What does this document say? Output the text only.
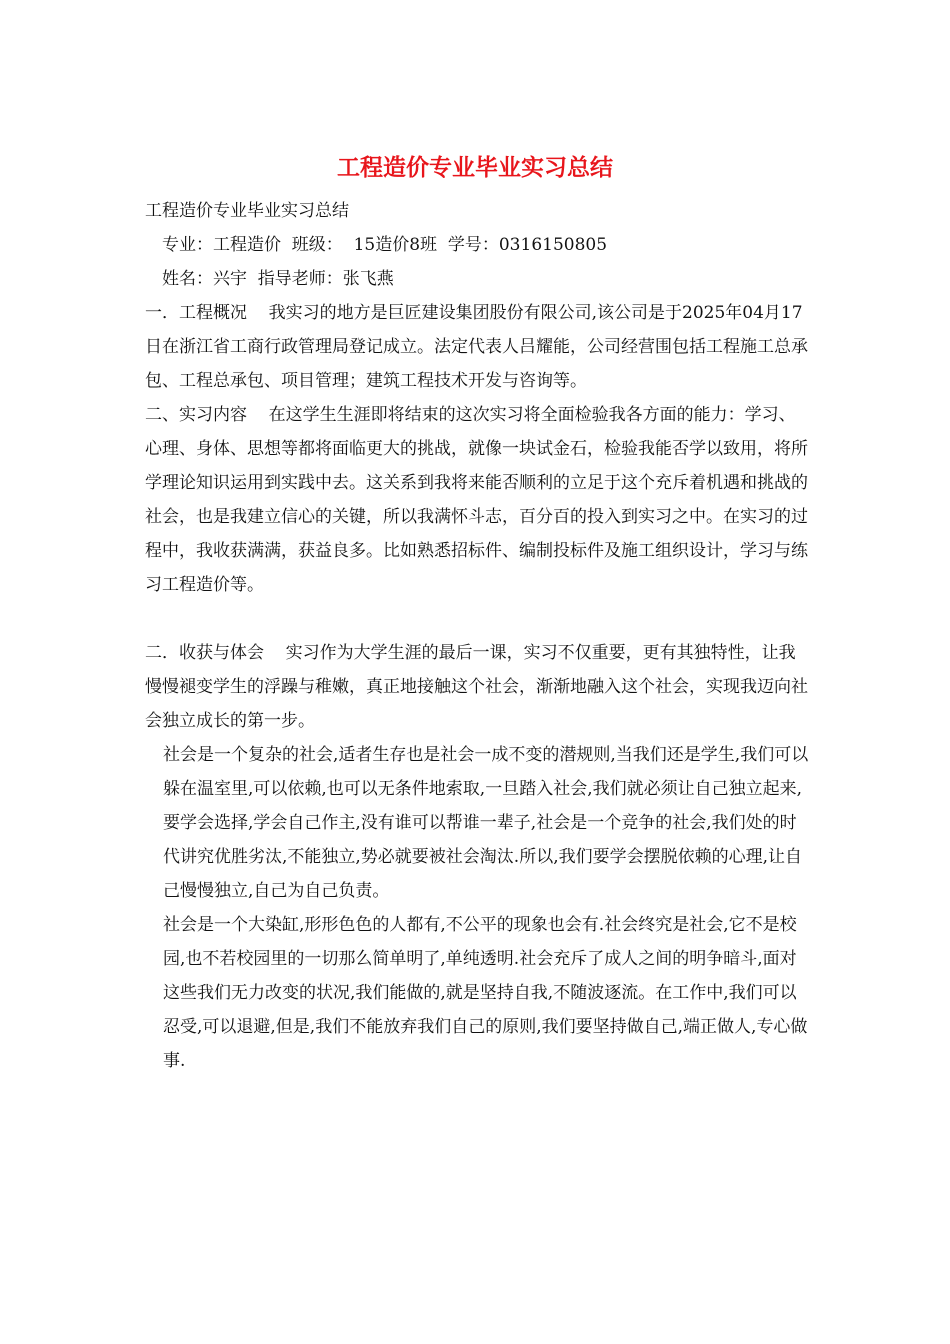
工程造价专业毕业实习总结

工程造价专业毕业实习总结

专业：工程造价  班级：  15造价8班  学号：0316150805

姓名：兴宇  指导老师：张飞燕

一．工程概况    我实习的地方是巨匠建设集团股份有限公司,该公司是于2025年04月17日在浙江省工商行政管理局登记成立。法定代表人吕耀能，公司经营围包括工程施工总承包、工程总承包、项目管理；建筑工程技术开发与咨询等。

二、实习内容    在这学生生涯即将结束的这次实习将全面检验我各方面的能力：学习、心理、身体、思想等都将面临更大的挑战，就像一块试金石，检验我能否学以致用，将所学理论知识运用到实践中去。这关系到我将来能否顺利的立足于这个充斥着机遇和挑战的社会，也是我建立信心的关键，所以我满怀斗志，百分百的投入到实习之中。在实习的过程中，我收获满满，获益良多。比如熟悉招标件、编制投标件及施工组织设计，学习与练习工程造价等。

二．收获与体会    实习作为大学生涯的最后一课，实习不仅重要，更有其独特性，让我慢慢褪变学生的浮躁与稚嫩，真正地接触这个社会，渐渐地融入这个社会，实现我迈向社会独立成长的第一步。

社会是一个复杂的社会,适者生存也是社会一成不变的潜规则,当我们还是学生,我们可以躲在温室里,可以依赖,也可以无条件地索取,一旦踏入社会,我们就必须让自己独立起来,要学会选择,学会自己作主,没有谁可以帮谁一辈子,社会是一个竞争的社会,我们处的时代讲究优胜劣汰,不能独立,势必就要被社会淘汰.所以,我们要学会摆脱依赖的心理,让自己慢慢独立,自己为自己负责。

社会是一个大染缸,形形色色的人都有,不公平的现象也会有.社会终究是社会,它不是校园,也不若校园里的一切那么简单明了,单纯透明.社会充斥了成人之间的明争暗斗,面对这些我们无力改变的状况,我们能做的,就是坚持自我,不随波逐流。在工作中,我们可以忍受,可以退避,但是,我们不能放弃我们自己的原则,我们要坚持做自己,端正做人,专心做事.
